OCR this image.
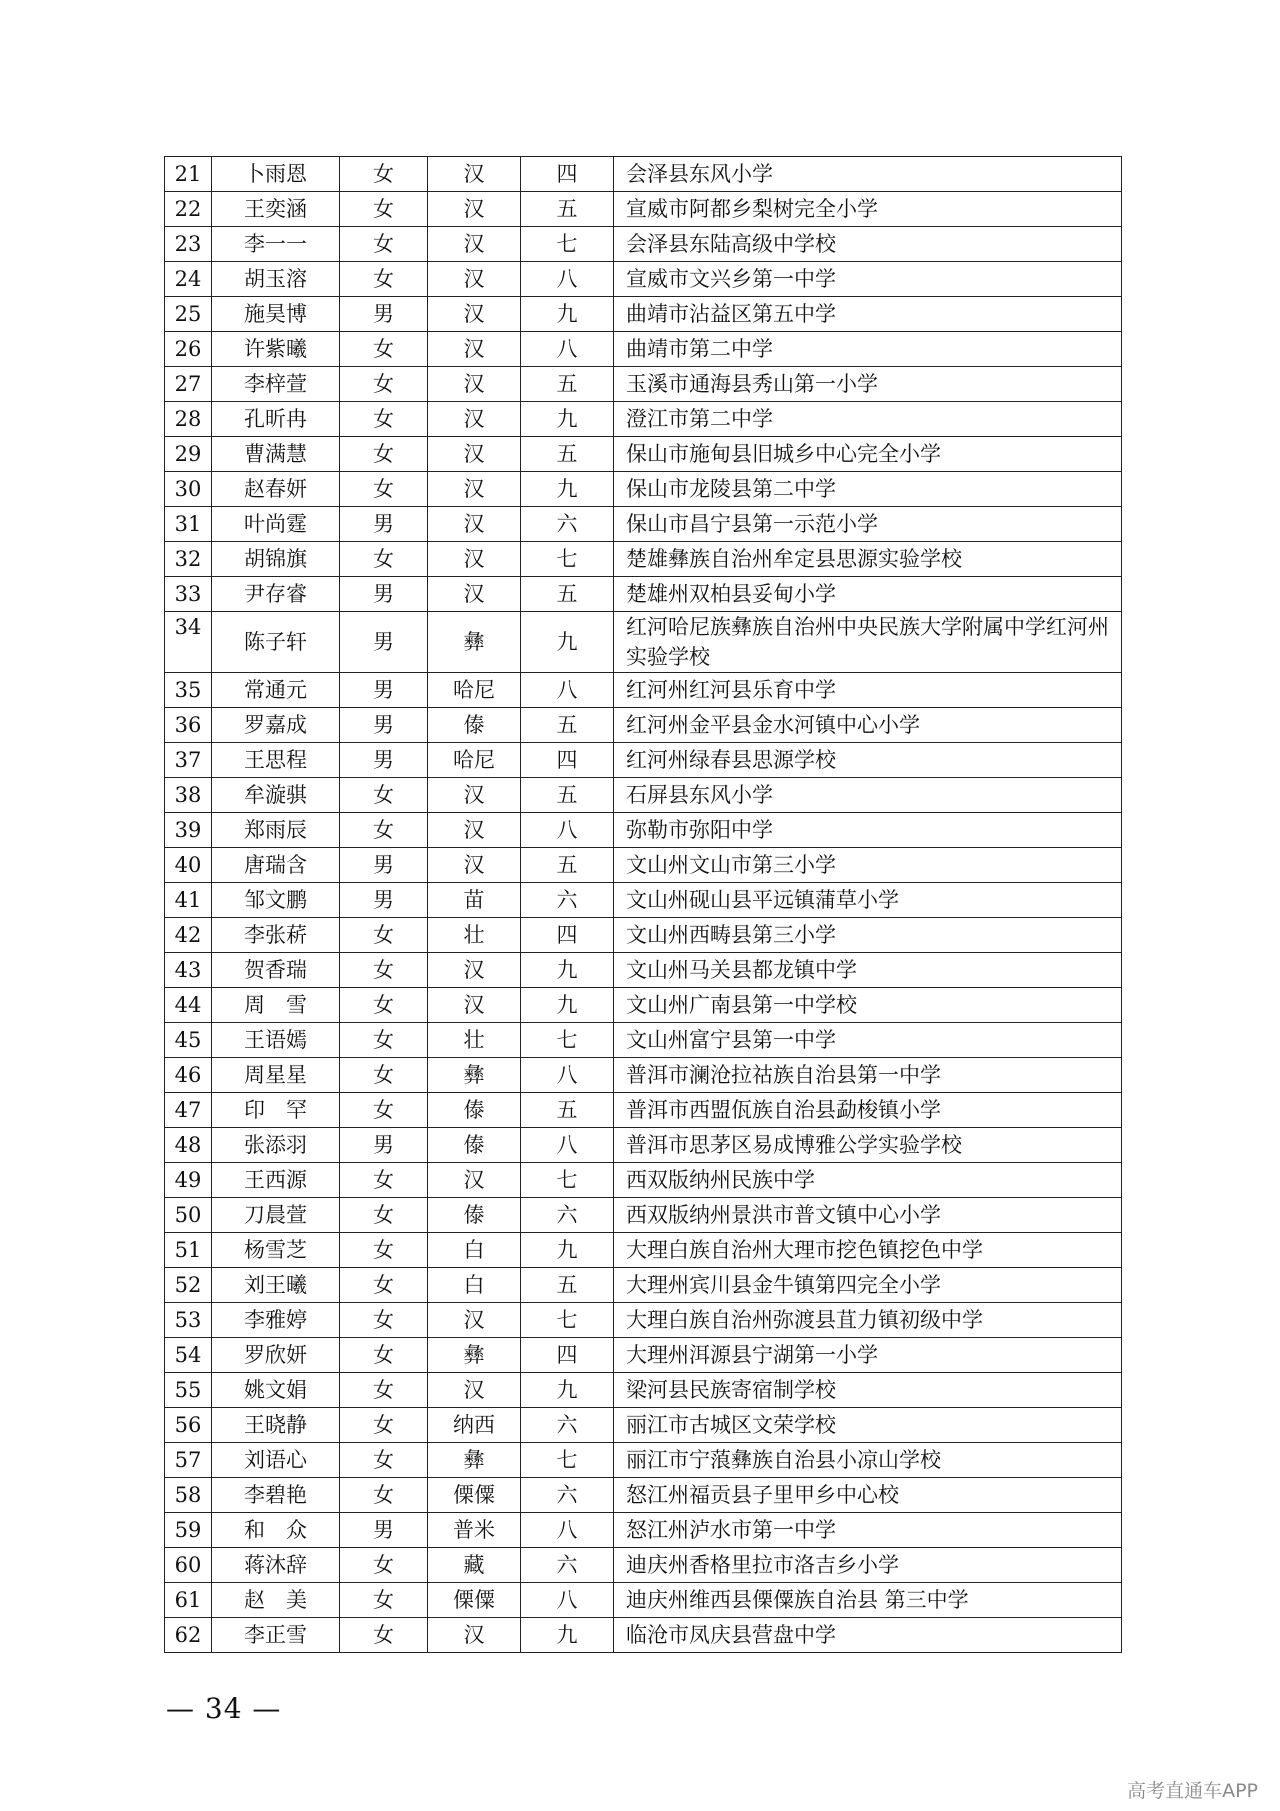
21	卜雨恩	女	汉	四	会泽县东风小学
22	王奕涵	女	汉	五	宣威市阿都乡梨树完全小学
23	李一一	女	汉	七	会泽县东陆高级中学校
24	胡玉溶	女	汉	八	宣威市文兴乡第一中学
25	施昊博	男	汉	九	曲靖市沾益区第五中学
26	许紫曦	女	汉	八	曲靖市第二中学
27	李梓萱	女	汉	五	玉溪市通海县秀山第一小学
28	孔昕冉	女	汉	九	澄江市第二中学
29	曹满慧	女	汉	五	保山市施甸县旧城乡中心完全小学
30	赵春妍	女	汉	九	保山市龙陵县第二中学
31	叶尚霆	男	汉	六	保山市昌宁县第一示范小学
32	胡锦旗	女	汉	七	楚雄彝族自治州牟定县思源实验学校
33	尹存睿	男	汉	五	楚雄州双柏县妥甸小学
34	陈子轩	男	彝	九	红河哈尼族彝族自治州中央民族大学附属中学红河州实验学校
35	常通元	男	哈尼	八	红河州红河县乐育中学
36	罗嘉成	男	傣	五	红河州金平县金水河镇中心小学
37	王思程	男	哈尼	四	红河州绿春县思源学校
38	牟漩骐	女	汉	五	石屏县东风小学
39	郑雨辰	女	汉	八	弥勒市弥阳中学
40	唐瑞含	男	汉	五	文山州文山市第三小学
41	邹文鹏	男	苗	六	文山州砚山县平远镇蒲草小学
42	李张菥	女	壮	四	文山州西畴县第三小学
43	贺香瑞	女	汉	九	文山州马关县都龙镇中学
44	周　雪	女	汉	九	文山州广南县第一中学校
45	王语嫣	女	壮	七	文山州富宁县第一中学
46	周星星	女	彝	八	普洱市澜沧拉祜族自治县第一中学
47	印　罕	女	傣	五	普洱市西盟佤族自治县勐梭镇小学
48	张添羽	男	傣	八	普洱市思茅区易成博雅公学实验学校
49	王西源	女	汉	七	西双版纳州民族中学
50	刀晨萱	女	傣	六	西双版纳州景洪市普文镇中心小学
51	杨雪芝	女	白	九	大理白族自治州大理市挖色镇挖色中学
52	刘王曦	女	白	五	大理州宾川县金牛镇第四完全小学
53	李雅婷	女	汉	七	大理白族自治州弥渡县苴力镇初级中学
54	罗欣妍	女	彝	四	大理州洱源县宁湖第一小学
55	姚文娟	女	汉	九	梁河县民族寄宿制学校
56	王晓静	女	纳西	六	丽江市古城区文荣学校
57	刘语心	女	彝	七	丽江市宁蒗彝族自治县小凉山学校
58	李碧艳	女	傈僳	六	怒江州福贡县子里甲乡中心校
59	和　众	男	普米	八	怒江州泸水市第一中学
60	蒋沐辞	女	藏	六	迪庆州香格里拉市洛吉乡小学
61	赵　美	女	傈僳	八	迪庆州维西县傈僳族自治县 第三中学
62	李正雪	女	汉	九	临沧市凤庆县营盘中学
— 34 —
高考直通车APP
